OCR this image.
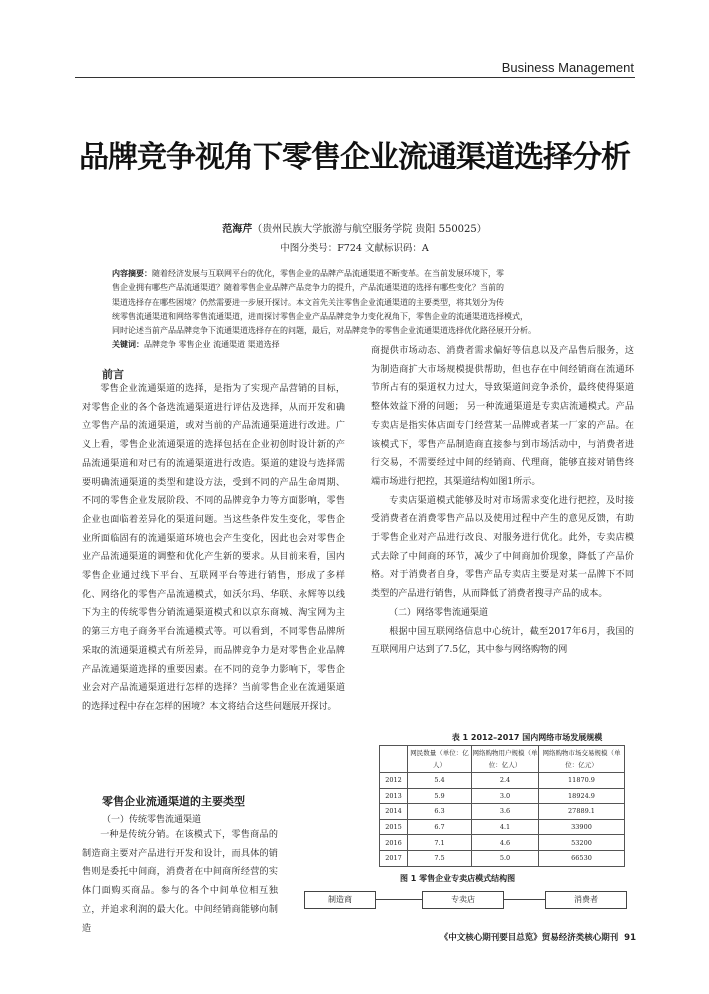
Business Management
品牌竞争视角下零售企业流通渠道选择分析
范海芹（贵州民族大学旅游与航空服务学院 贵阳 550025）
中图分类号：F724 文献标识码：A
内容摘要：随着经济发展与互联网平台的优化，零售企业的品牌产品流通渠道不断变革。在当前发展环境下，零
售企业拥有哪些产品流通渠道？随着零售企业品牌产品竞争力的提升，产品流通渠道的选择有哪些变化？当前的
渠道选择存在哪些困境？仍然需要进一步展开探讨。本文首先关注零售企业流通渠道的主要类型，将其划分为传
统零售流通渠道和网络零售流通渠道，进而探讨零售企业产品品牌竞争力变化视角下，零售企业的流通渠道选择模式，
同时论述当前产品品牌竞争下流通渠道选择存在的问题，最后，对品牌竞争的零售企业流通渠道选择优化路径展开分析。
关键词：品牌竞争 零售企业 流通渠道 渠道选择
前言

零售企业流通渠道的选择，是指为了实现产品营销的目标，对零售企业的各个备选流通渠道进行评估及选择，从而开发和确立零售产品的流通渠道，或对当前的产品流通渠道进行改进。广义上看，零售企业流通渠道的选择包括在企业初创时设计新的产品流通渠道和对已有的流通渠道进行改造。渠道的建设与选择需要明确流通渠道的类型和建设方法，受到不同的产品生命周期、不同的零售企业发展阶段、不同的品牌竞争力等方面影响，零售企业也面临着差异化的渠道问题。当这些条件发生变化，零售企业所面临固有的流通渠道环境也会产生变化，因此也会对零售企业产品流通渠道的调整和优化产生新的要求。从目前来看，国内零售企业通过线下平台、互联网平台等进行销售，形成了多样化、网络化的零售产品流通模式，如沃尔玛、华联、永辉等以线下为主的传统零售分销流通渠道模式和以京东商城、淘宝网为主的第三方电子商务平台流通模式等。可以看到，不同零售品牌所采取的流通渠道模式有所差异，而品牌竞争力是对零售企业品牌产品流通渠道选择的重要因素。在不同的竞争力影响下，零售企业会对产品流通渠道进行怎样的选择？当前零售企业在流通渠道的选择过程中存在怎样的困境？本文将结合这些问题展开探讨。

零售企业流通渠道的主要类型
（一）传统零售流通渠道

一种是传统分销。在该模式下，零售商品的制造商主要对产品进行开发和设计，而具体的销售则是委托中间商，消费者在中间商所经营的实体门面购买商品。参与的各个中间单位相互独立，并追求利润的最大化。中间经销商能够向制造

商提供市场动态、消费者需求偏好等信息以及产品售后服务，这为制造商扩大市场规模提供帮助，但也存在中间经销商在流通环节所占有的渠道权力过大，导致渠道间竞争杀价，最终使得渠道整体效益下滑的问题； 另一种流通渠道是专卖店流通模式。产品专卖店是指实体店面专门经营某一品牌或者某一厂家的产品。在该模式下，零售产品制造商直接参与到市场活动中，与消费者进行交易，不需要经过中间的经销商、代理商，能够直接对销售终端市场进行把控，其渠道结构如图1所示。

专卖店渠道模式能够及时对市场需求变化进行把控，及时接受消费者在消费零售产品以及使用过程中产生的意见反馈，有助于零售企业对产品进行改良、对服务进行优化。此外，专卖店模式去除了中间商的环节，减少了中间商加价现象，降低了产品价格。对于消费者自身，零售产品专卖店主要是对某一品牌下不同类型的产品进行销售，从而降低了消费者搜寻产品的成本。

（二）网络零售流通渠道

根据中国互联网络信息中心统计，截至2017年6月，我国的互联网用户达到了7.5亿，其中参与网络购物的网

表 1 2012–2017 国内网络市场发展规模
	网民数量（单位：亿人）	网络购物用户规模（单位：亿人）	网络购物市场交易规模（单位：亿元）
2012	5.4	2.4	11870.9
2013	5.9	3.0	18924.9
2014	6.3	3.6	27889.1
2015	6.7	4.1	33900
2016	7.1	4.6	53200
2017	7.5	5.0	66530
图 1 零售企业专卖店模式结构图
制造商	专卖店	消费者
《中文核心期刊要目总览》贸易经济类核心期刊 91
